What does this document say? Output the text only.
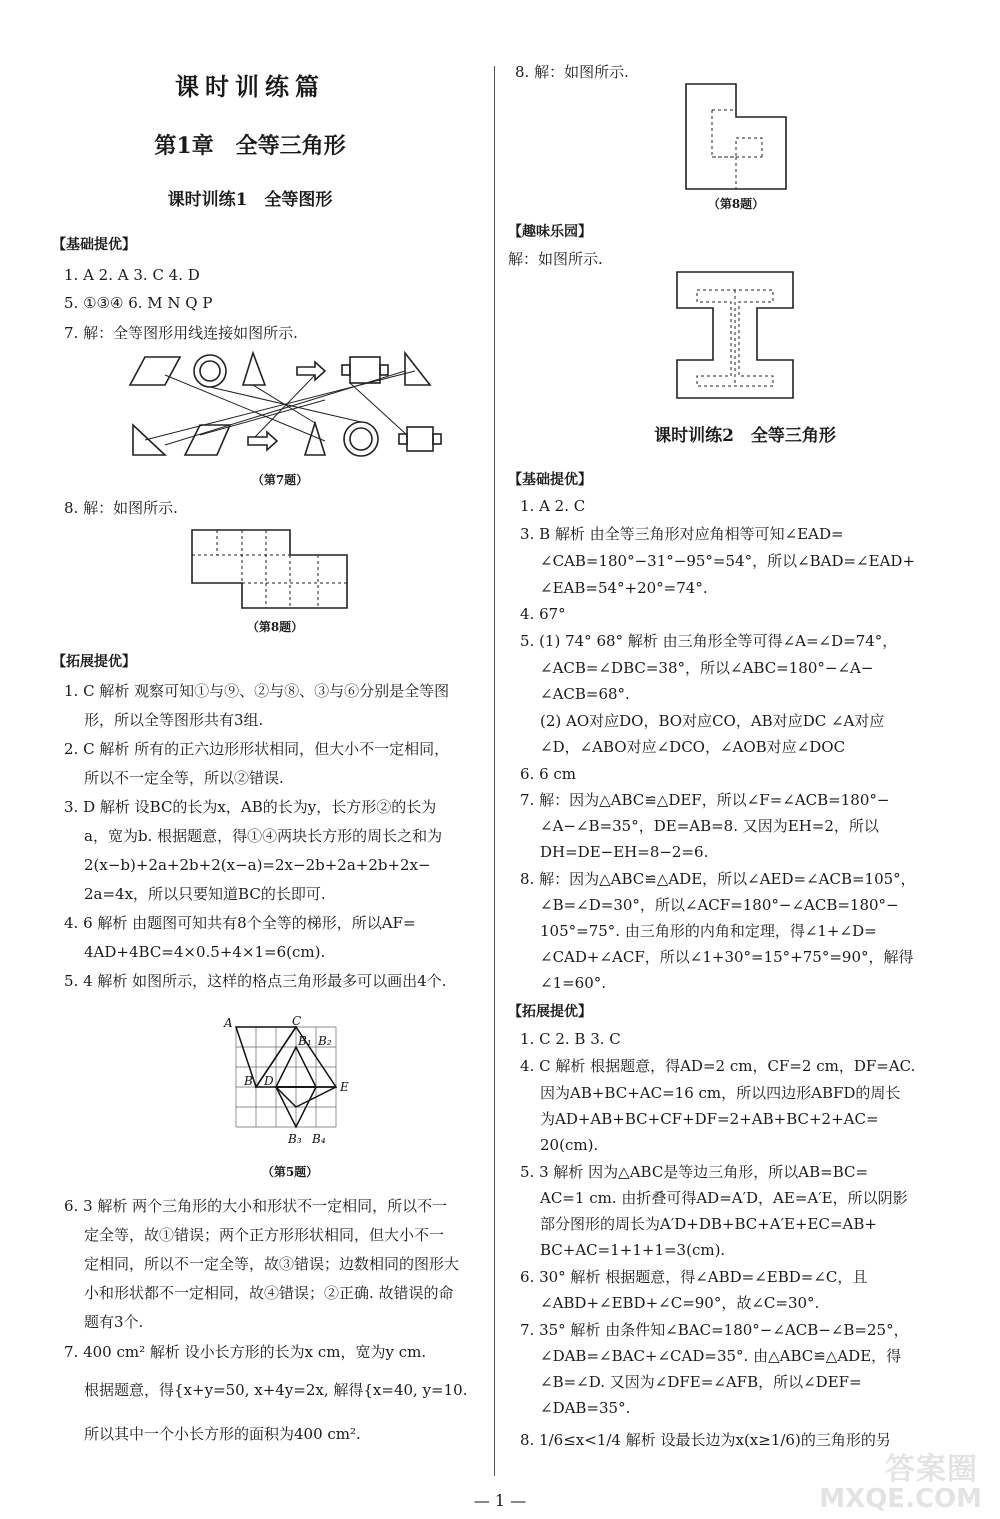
课时训练篇
第1章　全等三角形
课时训练1　全等图形
【基础提优】
1. A 2. A 3. C 4. D
5. ①③④ 6. M N Q P
7. 解：全等图形用线连接如图所示.
（第7题）
8. 解：如图所示.
（第8题）
【拓展提优】
1. C 解析 观察可知①与⑨、②与⑧、③与⑥分别是全等图
形，所以全等图形共有3组.
2. C 解析 所有的正六边形形状相同，但大小不一定相同，
所以不一定全等，所以②错误.
3. D 解析 设BC的长为x，AB的长为y，长方形②的长为
a，宽为b. 根据题意，得①④两块长方形的周长之和为
2(x−b)+2a+2b+2(x−a)=2x−2b+2a+2b+2x−
2a=4x，所以只要知道BC的长即可.
4. 6 解析 由题图可知共有8个全等的梯形，所以AF=
4AD+4BC=4×0.5+4×1=6(cm).
5. 4 解析 如图所示，这样的格点三角形最多可以画出4个.
A	C
B₁ B₂
B D	E
B₃ B₄
（第5题）
6. 3 解析 两个三角形的大小和形状不一定相同，所以不一
定全等，故①错误；两个正方形形状相同，但大小不一
定相同，所以不一定全等，故③错误；边数相同的图形大
小和形状都不一定相同，故④错误；②正确. 故错误的命
题有3个.
7. 400 cm² 解析 设小长方形的长为x cm，宽为y cm.
根据题意，得{x+y=50, x+4y=2x, 解得{x=40, y=10.
所以其中一个小长方形的面积为400 cm².
8. 解：如图所示.
（第8题）
【趣味乐园】
解：如图所示.
课时训练2　全等三角形
【基础提优】
1. A 2. C
3. B 解析 由全等三角形对应角相等可知∠EAD=
∠CAB=180°−31°−95°=54°，所以∠BAD=∠EAD+
∠EAB=54°+20°=74°.
4. 67°
5. (1) 74° 68° 解析 由三角形全等可得∠A=∠D=74°，
∠ACB=∠DBC=38°，所以∠ABC=180°−∠A−
∠ACB=68°.
(2) AO对应DO，BO对应CO，AB对应DC ∠A对应
∠D，∠ABO对应∠DCO，∠AOB对应∠DOC
6. 6 cm
7. 解：因为△ABC≌△DEF，所以∠F=∠ACB=180°−
∠A−∠B=35°，DE=AB=8. 又因为EH=2，所以
DH=DE−EH=8−2=6.
8. 解：因为△ABC≌△ADE，所以∠AED=∠ACB=105°，
∠B=∠D=30°，所以∠ACF=180°−∠ACB=180°−
105°=75°. 由三角形的内角和定理，得∠1+∠D=
∠CAD+∠ACF，所以∠1+30°=15°+75°=90°，解得
∠1=60°.
【拓展提优】
1. C 2. B 3. C
4. C 解析 根据题意，得AD=2 cm，CF=2 cm，DF=AC.
因为AB+BC+AC=16 cm，所以四边形ABFD的周长
为AD+AB+BC+CF+DF=2+AB+BC+2+AC=
20(cm).
5. 3 解析 因为△ABC是等边三角形，所以AB=BC=
AC=1 cm. 由折叠可得AD=A′D，AE=A′E，所以阴影
部分图形的周长为A′D+DB+BC+A′E+EC=AB+
BC+AC=1+1+1=3(cm).
6. 30° 解析 根据题意，得∠ABD=∠EBD=∠C，且
∠ABD+∠EBD+∠C=90°，故∠C=30°.
7. 35° 解析 由条件知∠BAC=180°−∠ACB−∠B=25°，
∠DAB=∠BAC+∠CAD=35°. 由△ABC≌△ADE，得
∠B=∠D. 又因为∠DFE=∠AFB，所以∠DEF=
∠DAB=35°.
8. 1/6≤x<1/4 解析 设最长边为x(x≥1/6)的三角形的另
— 1 —
答案圈
MXQE.COM
